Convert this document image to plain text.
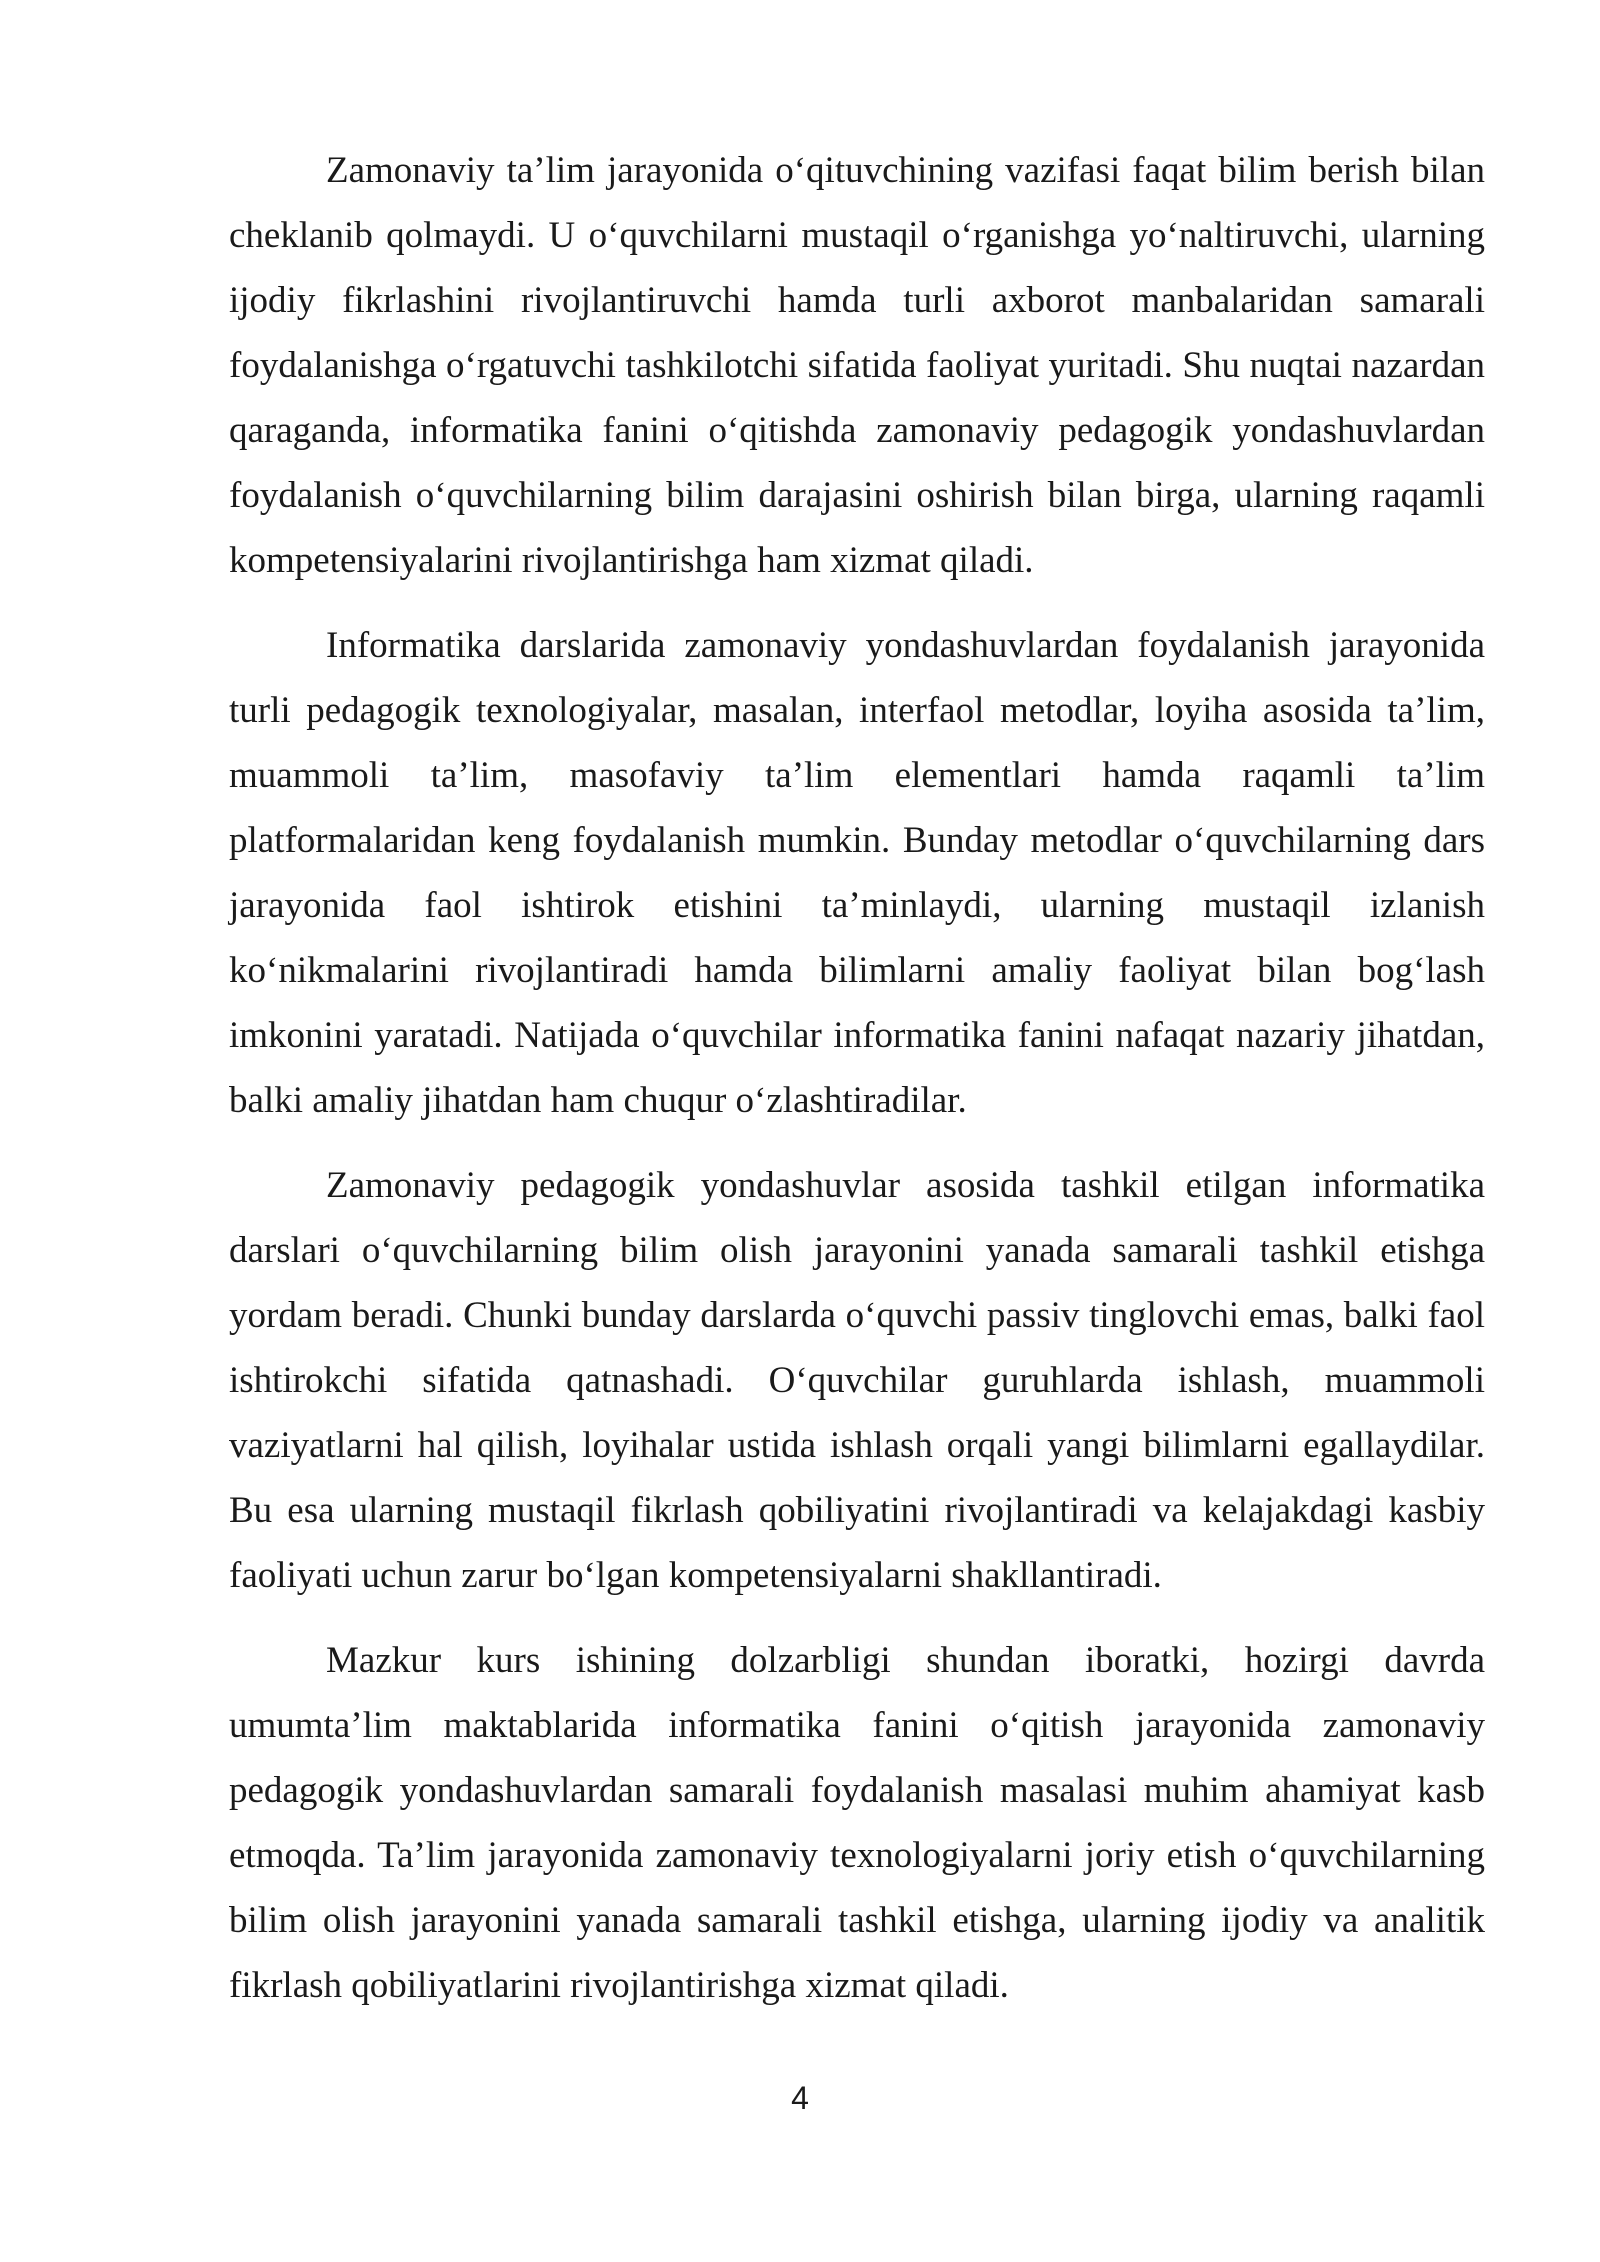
Zamonaviy ta’lim jarayonida o‘qituvchining vazifasi faqat bilim berish bilan cheklanib qolmaydi. U o‘quvchilarni mustaqil o‘rganishga yo‘naltiruvchi, ularning ijodiy fikrlashini rivojlantiruvchi hamda turli axborot manbalaridan samarali foydalanishga o‘rgatuvchi tashkilotchi sifatida faoliyat yuritadi. Shu nuqtai nazardan qaraganda, informatika fanini o‘qitishda zamonaviy pedagogik yondashuvlardan foydalanish o‘quvchilarning bilim darajasini oshirish bilan birga, ularning raqamli kompetensiyalarini rivojlantirishga ham xizmat qiladi.

Informatika darslarida zamonaviy yondashuvlardan foydalanish jarayonida turli pedagogik texnologiyalar, masalan, interfaol metodlar, loyiha asosida ta’lim, muammoli ta’lim, masofaviy ta’lim elementlari hamda raqamli ta’lim platformalaridan keng foydalanish mumkin. Bunday metodlar o‘quvchilarning dars jarayonida faol ishtirok etishini ta’minlaydi, ularning mustaqil izlanish ko‘nikmalarini rivojlantiradi hamda bilimlarni amaliy faoliyat bilan bog‘lash imkonini yaratadi. Natijada o‘quvchilar informatika fanini nafaqat nazariy jihatdan, balki amaliy jihatdan ham chuqur o‘zlashtiradilar.

Zamonaviy pedagogik yondashuvlar asosida tashkil etilgan informatika darslari o‘quvchilarning bilim olish jarayonini yanada samarali tashkil etishga yordam beradi. Chunki bunday darslarda o‘quvchi passiv tinglovchi emas, balki faol ishtirokchi sifatida qatnashadi. O‘quvchilar guruhlarda ishlash, muammoli vaziyatlarni hal qilish, loyihalar ustida ishlash orqali yangi bilimlarni egallaydilar. Bu esa ularning mustaqil fikrlash qobiliyatini rivojlantiradi va kelajakdagi kasbiy faoliyati uchun zarur bo‘lgan kompetensiyalarni shakllantiradi.

Mazkur kurs ishining dolzarbligi shundan iboratki, hozirgi davrda umumta’lim maktablarida informatika fanini o‘qitish jarayonida zamonaviy pedagogik yondashuvlardan samarali foydalanish masalasi muhim ahamiyat kasb etmoqda. Ta’lim jarayonida zamonaviy texnologiyalarni joriy etish o‘quvchilarning bilim olish jarayonini yanada samarali tashkil etishga, ularning ijodiy va analitik fikrlash qobiliyatlarini rivojlantirishga xizmat qiladi.

4
